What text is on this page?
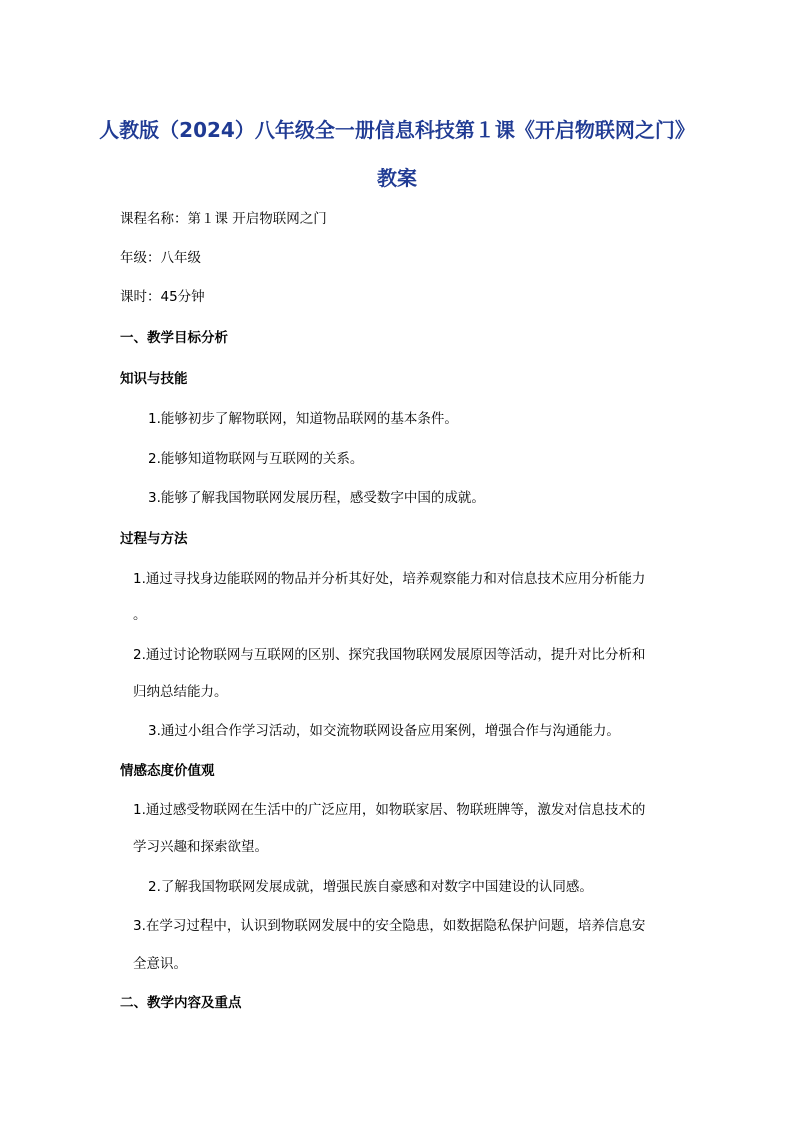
人教版（2024）八年级全一册信息科技第１课《开启物联网之门》
教案

课程名称：第１课 开启物联网之门

年级：八年级

课时：45分钟

一、教学目标分析

知识与技能

1.能够初步了解物联网，知道物品联网的基本条件。

2.能够知道物联网与互联网的关系。

3.能够了解我国物联网发展历程，感受数字中国的成就。

过程与方法

1.通过寻找身边能联网的物品并分析其好处，培养观察能力和对信息技术应用分析能力

。

2.通过讨论物联网与互联网的区别、探究我国物联网发展原因等活动，提升对比分析和

归纳总结能力。

3.通过小组合作学习活动，如交流物联网设备应用案例，增强合作与沟通能力。

情感态度价值观

1.通过感受物联网在生活中的广泛应用，如物联家居、物联班牌等，激发对信息技术的

学习兴趣和探索欲望。

2.了解我国物联网发展成就，增强民族自豪感和对数字中国建设的认同感。

3.在学习过程中，认识到物联网发展中的安全隐患，如数据隐私保护问题，培养信息安

全意识。

二、教学内容及重点
